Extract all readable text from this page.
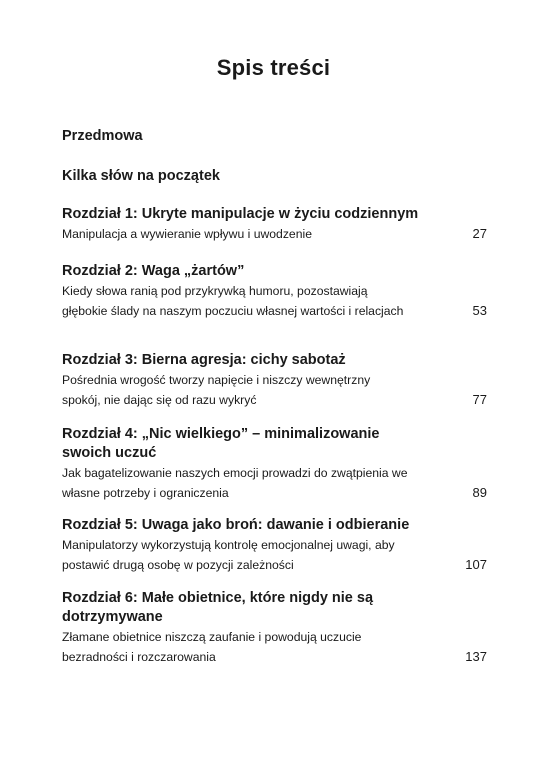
Spis treści
Przedmowa
Kilka słów na początek
Rozdział 1: Ukryte manipulacje w życiu codziennym
Manipulacja a wywieranie wpływu i uwodzenie	27
Rozdział 2: Waga „żartów”
Kiedy słowa ranią pod przykrywką humoru, pozostawiają głębokie ślady na naszym poczuciu własnej wartości i relacjach	53
Rozdział 3: Bierna agresja: cichy sabotaż
Pośrednia wrogość tworzy napięcie i niszczy wewnętrzny spokój, nie dając się od razu wykryć	77
Rozdział 4: „Nic wielkiego” – minimalizowanie swoich uczuć
Jak bagatelizowanie naszych emocji prowadzi do zwątpienia we własne potrzeby i ograniczenia	89
Rozdział 5: Uwaga jako broń: dawanie i odbieranie
Manipulatorzy wykorzystują kontrolę emocjonalnej uwagi, aby postawić drugą osobę w pozycji zależności	107
Rozdział 6: Małe obietnice, które nigdy nie są dotrzymywane
Złamane obietnice niszczą zaufanie i powodują uczucie bezradności i rozczarowania	137
